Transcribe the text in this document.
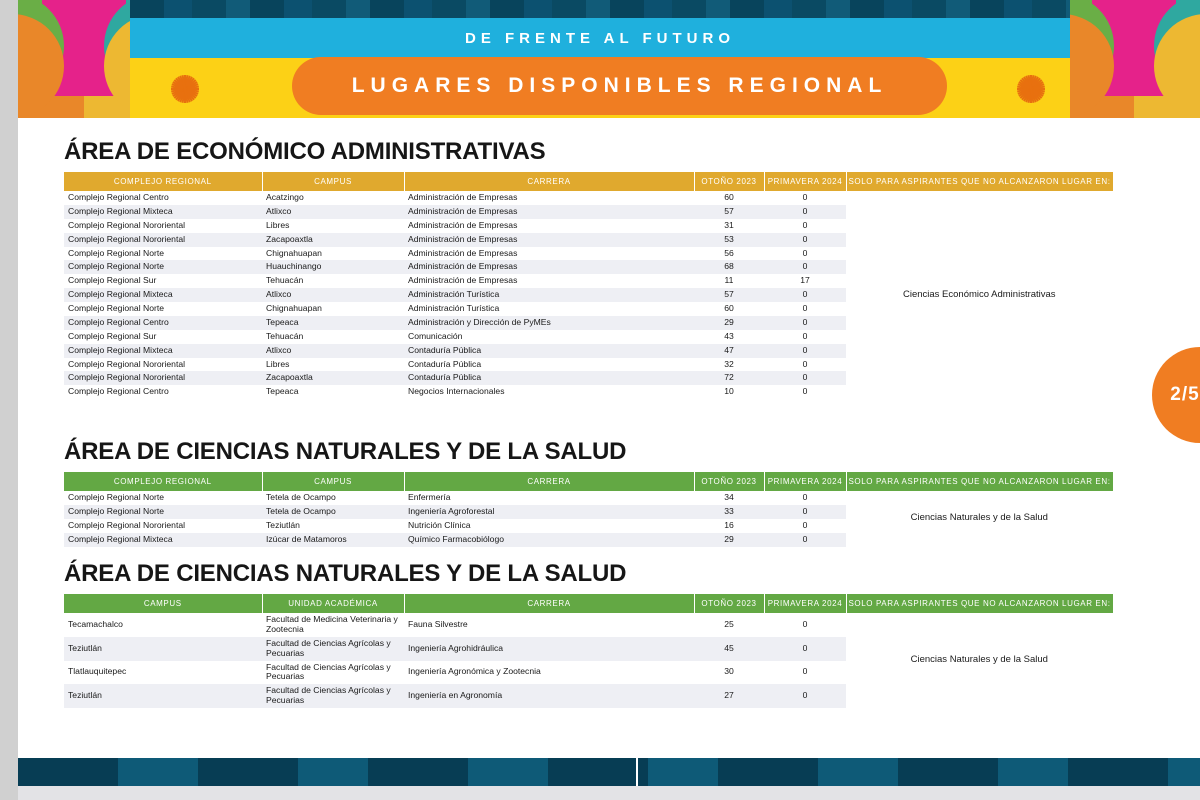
DE FRENTE AL FUTURO
LUGARES DISPONIBLES REGIONAL
ÁREA DE ECONÓMICO ADMINISTRATIVAS
COMPLEJO REGIONAL	CAMPUS	CARRERA	OTOÑO 2023	PRIMAVERA 2024	SOLO PARA ASPIRANTES QUE NO ALCANZARON LUGAR EN:
Complejo Regional Centro	Acatzingo	Administración de Empresas	60	0	Ciencias Económico Administrativas
Complejo Regional Mixteca	Atlixco	Administración de Empresas	57	0	
Complejo Regional Nororiental	Libres	Administración de Empresas	31	0	
Complejo Regional Nororiental	Zacapoaxtla	Administración de Empresas	53	0	
Complejo Regional Norte	Chignahuapan	Administración de Empresas	56	0	
Complejo Regional Norte	Huauchinango	Administración de Empresas	68	0	
Complejo Regional Sur	Tehuacán	Administración de Empresas	11	17	
Complejo Regional Mixteca	Atlixco	Administración Turística	57	0	
Complejo Regional Norte	Chignahuapan	Administración Turística	60	0	
Complejo Regional Centro	Tepeaca	Administración y Dirección de PyMEs	29	0	
Complejo Regional Sur	Tehuacán	Comunicación	43	0	
Complejo Regional Mixteca	Atlixco	Contaduría Pública	47	0	
Complejo Regional Nororiental	Libres	Contaduría Pública	32	0	
Complejo Regional Nororiental	Zacapoaxtla	Contaduría Pública	72	0	
Complejo Regional Centro	Tepeaca	Negocios Internacionales	10	0	
ÁREA DE CIENCIAS NATURALES Y DE LA SALUD
COMPLEJO REGIONAL	CAMPUS	CARRERA	OTOÑO 2023	PRIMAVERA 2024	SOLO PARA ASPIRANTES QUE NO ALCANZARON LUGAR EN:
Complejo Regional Norte	Tetela de Ocampo	Enfermería	34	0	Ciencias Naturales y de la Salud
Complejo Regional Norte	Tetela de Ocampo	Ingeniería Agroforestal	33	0	
Complejo Regional Nororiental	Teziutlán	Nutrición Clínica	16	0	
Complejo Regional Mixteca	Izúcar de Matamoros	Químico Farmacobiólogo	29	0	
ÁREA DE CIENCIAS NATURALES Y DE LA SALUD
CAMPUS	UNIDAD ACADÉMICA	CARRERA	OTOÑO 2023	PRIMAVERA 2024	SOLO PARA ASPIRANTES QUE NO ALCANZARON LUGAR EN:
Tecamachalco	Facultad de Medicina Veterinaria y Zootecnia	Fauna Silvestre	25	0	Ciencias Naturales y de la Salud
Teziutlán	Facultad de Ciencias Agrícolas y Pecuarias	Ingeniería Agrohidráulica	45	0	
Tlatlauquitepec	Facultad de Ciencias Agrícolas y Pecuarias	Ingeniería Agronómica y Zootecnia	30	0	
Teziutlán	Facultad de Ciencias Agrícolas y Pecuarias	Ingeniería en Agronomía	27	0	
2/5
